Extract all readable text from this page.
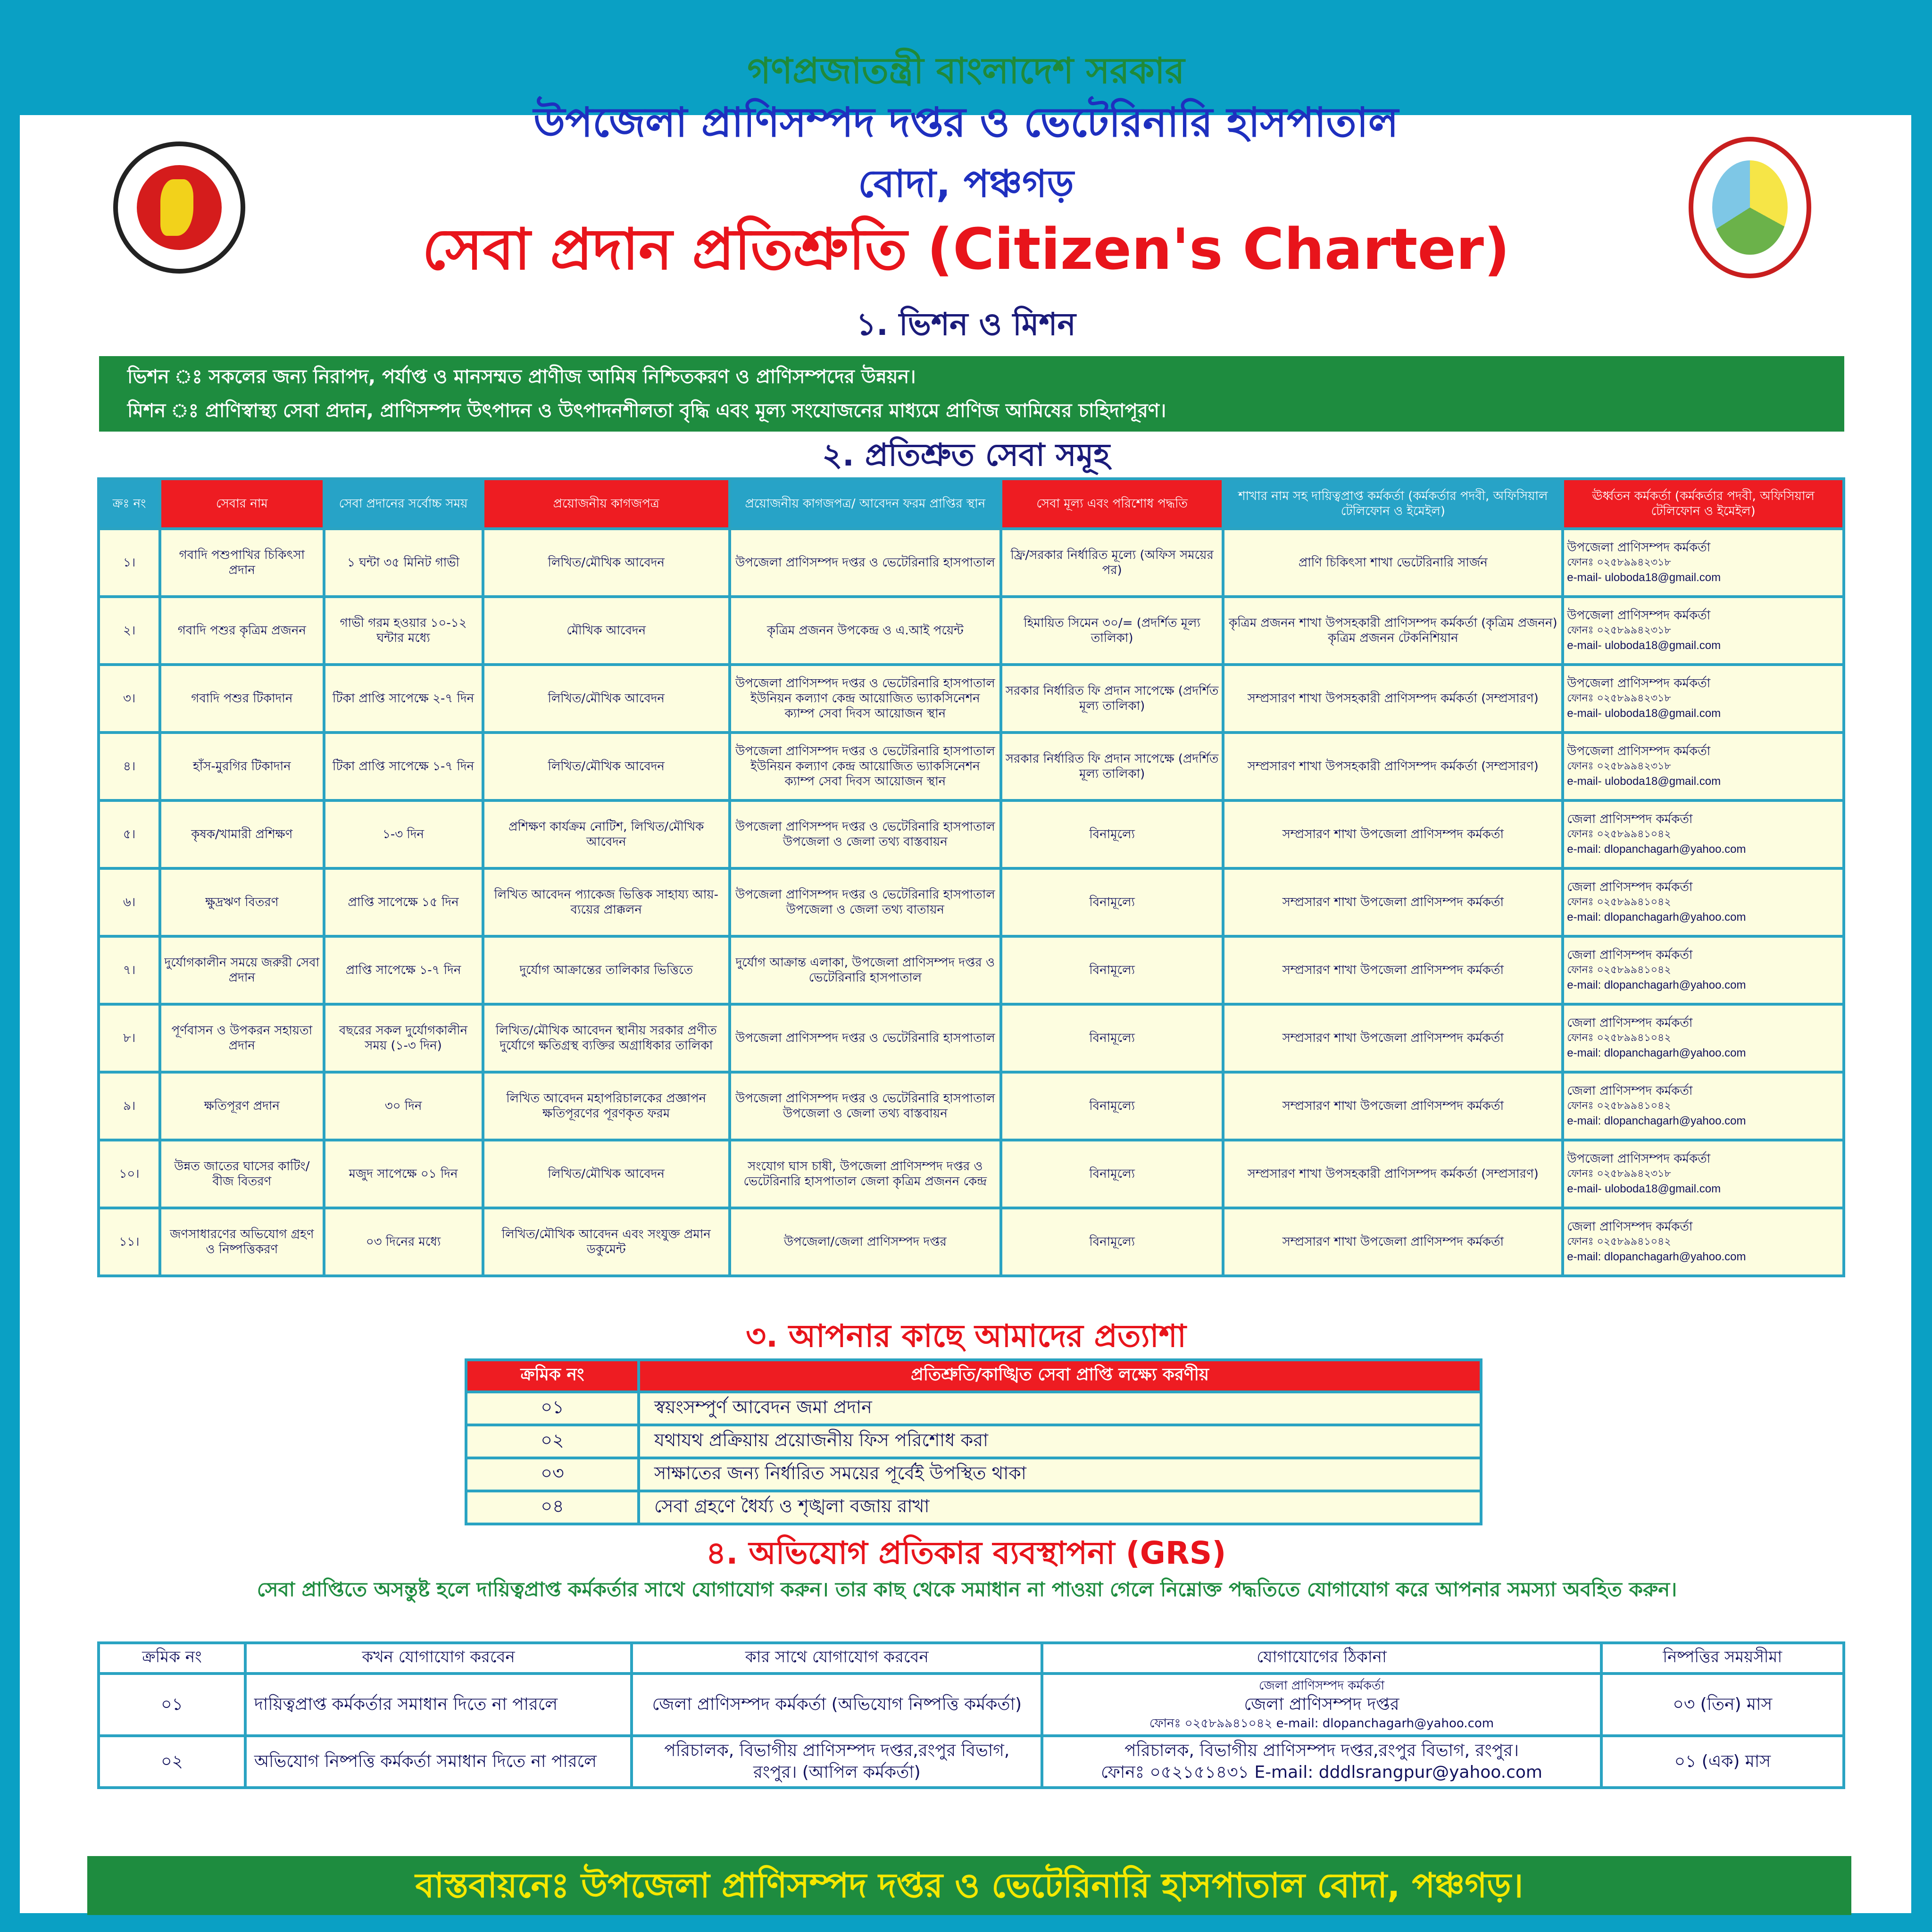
গণপ্রজাতন্ত্রী বাংলাদেশ সরকার
উপজেলা প্রাণিসম্পদ দপ্তর ও ভেটেরিনারি হাসপাতাল
বোদা, পঞ্চগড়
সেবা প্রদান প্রতিশ্রুতি (Citizen's Charter)
১. ভিশন ও মিশন
ভিশন ঃ সকলের জন্য নিরাপদ, পর্যাপ্ত ও মানসম্মত প্রাণীজ আমিষ নিশ্চিতকরণ ও প্রাণিসম্পদের উন্নয়ন।
মিশন ঃ প্রাণিস্বাস্থ্য সেবা প্রদান, প্রাণিসম্পদ উৎপাদন ও উৎপাদনশীলতা বৃদ্ধি এবং মূল্য সংযোজনের মাধ্যমে প্রাণিজ আমিষের চাহিদাপূরণ।
২. প্রতিশ্রুত সেবা সমূহ
ক্রঃ নং	সেবার নাম	সেবা প্রদানের সর্বোচ্চ সময়	প্রয়োজনীয় কাগজপত্র	প্রয়োজনীয় কাগজপত্র/ আবেদন ফরম প্রাপ্তির স্থান	সেবা মূল্য এবং পরিশোধ পদ্ধতি	শাখার নাম সহ দায়িত্বপ্রাপ্ত কর্মকর্তা (কর্মকর্তার পদবী, অফিসিয়াল টেলিফোন ও ইমেইল)	ঊর্ধ্বতন কর্মকর্তা (কর্মকর্তার পদবী, অফিসিয়াল টেলিফোন ও ইমেইল)
১।	গবাদি পশুপাখির চিকিৎসা প্রদান	১ ঘন্টা ৩৫ মিনিট গাভী	লিখিত/মৌখিক আবেদন	উপজেলা প্রাণিসম্পদ দপ্তর ও ভেটেরিনারি হাসপাতাল	ফ্রি/সরকার নির্ধারিত মূল্যে (অফিস সময়ের পর)	প্রাণি চিকিৎসা শাখা ভেটেরিনারি সার্জন	উপজেলা প্রাণিসম্পদ কর্মকর্তা
ফোনঃ ০২৫৮৯৯৪২৩১৮
e-mail- uloboda18@gmail.com

২।	গবাদি পশুর কৃত্রিম প্রজনন	গাভী গরম হওয়ার ১০-১২ ঘন্টার মধ্যে	মৌখিক আবেদন	কৃত্রিম প্রজনন উপকেন্দ্র ও এ.আই পয়েন্ট	হিমায়িত সিমেন ৩০/= (প্রদর্শিত মূল্য তালিকা)	কৃত্রিম প্রজনন শাখা উপসহকারী প্রাণিসম্পদ কর্মকর্তা (কৃত্রিম প্রজনন) কৃত্রিম প্রজনন টেকনিশিয়ান	উপজেলা প্রাণিসম্পদ কর্মকর্তা
ফোনঃ ০২৫৮৯৯৪২৩১৮
e-mail- uloboda18@gmail.com

৩।	গবাদি পশুর টিকাদান	টিকা প্রাপ্তি সাপেক্ষে ২-৭ দিন	লিখিত/মৌখিক আবেদন	উপজেলা প্রাণিসম্পদ দপ্তর ও ভেটেরিনারি হাসপাতাল ইউনিয়ন কল্যাণ কেন্দ্র আয়োজিত ভ্যাকসিনেশন ক্যাম্প সেবা দিবস আয়োজন স্থান	সরকার নির্ধারিত ফি প্রদান সাপেক্ষে (প্রদর্শিত মূল্য তালিকা)	সম্প্রসারণ শাখা উপসহকারী প্রাণিসম্পদ কর্মকর্তা (সম্প্রসারণ)	উপজেলা প্রাণিসম্পদ কর্মকর্তা
ফোনঃ ০২৫৮৯৯৪২৩১৮
e-mail- uloboda18@gmail.com

৪।	হাঁস-মুরগির টিকাদান	টিকা প্রাপ্তি সাপেক্ষে ১-৭ দিন	লিখিত/মৌখিক আবেদন	উপজেলা প্রাণিসম্পদ দপ্তর ও ভেটেরিনারি হাসপাতাল ইউনিয়ন কল্যাণ কেন্দ্র আয়োজিত ভ্যাকসিনেশন ক্যাম্প সেবা দিবস আয়োজন স্থান	সরকার নির্ধারিত ফি প্রদান সাপেক্ষে (প্রদর্শিত মূল্য তালিকা)	সম্প্রসারণ শাখা উপসহকারী প্রাণিসম্পদ কর্মকর্তা (সম্প্রসারণ)	উপজেলা প্রাণিসম্পদ কর্মকর্তা
ফোনঃ ০২৫৮৯৯৪২৩১৮
e-mail- uloboda18@gmail.com

৫।	কৃষক/খামারী প্রশিক্ষণ	১-৩ দিন	প্রশিক্ষণ কার্যক্রম নোটিশ, লিখিত/মৌখিক আবেদন	উপজেলা প্রাণিসম্পদ দপ্তর ও ভেটেরিনারি হাসপাতাল উপজেলা ও জেলা তথ্য বাস্তবায়ন	বিনামূল্যে	সম্প্রসারণ শাখা উপজেলা প্রাণিসম্পদ কর্মকর্তা	জেলা প্রাণিসম্পদ কর্মকর্তা
ফোনঃ ০২৫৮৯৯৪১০৪২
e-mail: dlopanchagarh@yahoo.com

৬।	ক্ষুদ্রঋণ বিতরণ	প্রাপ্তি সাপেক্ষে ১৫ দিন	লিখিত আবেদন প্যাকেজ ভিত্তিক সাহায্য আয়-ব্যয়ের প্রাক্কলন	উপজেলা প্রাণিসম্পদ দপ্তর ও ভেটেরিনারি হাসপাতাল উপজেলা ও জেলা তথ্য বাতায়ন	বিনামূল্যে	সম্প্রসারণ শাখা উপজেলা প্রাণিসম্পদ কর্মকর্তা	জেলা প্রাণিসম্পদ কর্মকর্তা
ফোনঃ ০২৫৮৯৯৪১০৪২
e-mail: dlopanchagarh@yahoo.com

৭।	দুর্যোগকালীন সময়ে জরুরী সেবা প্রদান	প্রাপ্তি সাপেক্ষে ১-৭ দিন	দুর্যোগ আক্রান্তের তালিকার ভিত্তিতে	দুর্যোগ আক্রান্ত এলাকা, উপজেলা প্রাণিসম্পদ দপ্তর ও ভেটেরিনারি হাসপাতাল	বিনামূল্যে	সম্প্রসারণ শাখা উপজেলা প্রাণিসম্পদ কর্মকর্তা	জেলা প্রাণিসম্পদ কর্মকর্তা
ফোনঃ ০২৫৮৯৯৪১০৪২
e-mail: dlopanchagarh@yahoo.com

৮।	পূর্ণবাসন ও উপকরন সহায়তা প্রদান	বছরের সকল দুর্যোগকালীন সময় (১-৩ দিন)	লিখিত/মৌখিক আবেদন স্থানীয় সরকার প্রণীত দুর্যোগে ক্ষতিগ্রস্থ ব্যক্তির অগ্রাধিকার তালিকা	উপজেলা প্রাণিসম্পদ দপ্তর ও ভেটেরিনারি হাসপাতাল	বিনামূল্যে	সম্প্রসারণ শাখা উপজেলা প্রাণিসম্পদ কর্মকর্তা	জেলা প্রাণিসম্পদ কর্মকর্তা
ফোনঃ ০২৫৮৯৯৪১০৪২
e-mail: dlopanchagarh@yahoo.com

৯।	ক্ষতিপূরণ প্রদান	৩০ দিন	লিখিত আবেদন মহাপরিচালকের প্রজ্ঞাপন ক্ষতিপূরণের পূরণকৃত ফরম	উপজেলা প্রাণিসম্পদ দপ্তর ও ভেটেরিনারি হাসপাতাল উপজেলা ও জেলা তথ্য বাস্তবায়ন	বিনামূল্যে	সম্প্রসারণ শাখা উপজেলা প্রাণিসম্পদ কর্মকর্তা	জেলা প্রাণিসম্পদ কর্মকর্তা
ফোনঃ ০২৫৮৯৯৪১০৪২
e-mail: dlopanchagarh@yahoo.com

১০।	উন্নত জাতের ঘাসের কাটিং/বীজ বিতরণ	মজুদ সাপেক্ষে ০১ দিন	লিখিত/মৌখিক আবেদন	সংযোগ ঘাস চাষী, উপজেলা প্রাণিসম্পদ দপ্তর ও ভেটেরিনারি হাসপাতাল জেলা কৃত্রিম প্রজনন কেন্দ্র	বিনামূল্যে	সম্প্রসারণ শাখা উপসহকারী প্রাণিসম্পদ কর্মকর্তা (সম্প্রসারণ)	উপজেলা প্রাণিসম্পদ কর্মকর্তা
ফোনঃ ০২৫৮৯৯৪২৩১৮
e-mail- uloboda18@gmail.com

১১।	জণসাধারণের অভিযোগ গ্রহণ ও নিষ্পত্তিকরণ	০৩ দিনের মধ্যে	লিখিত/মৌখিক আবেদন এবং সংযুক্ত প্রমান ডকুমেন্ট	উপজেলা/জেলা প্রাণিসম্পদ দপ্তর	বিনামূল্যে	সম্প্রসারণ শাখা উপজেলা প্রাণিসম্পদ কর্মকর্তা	জেলা প্রাণিসম্পদ কর্মকর্তা
ফোনঃ ০২৫৮৯৯৪১০৪২
e-mail: dlopanchagarh@yahoo.com
৩. আপনার কাছে আমাদের প্রত্যাশা
ক্রমিক নং	প্রতিশ্রুতি/কাঙ্খিত সেবা প্রাপ্তি লক্ষ্যে করণীয়
০১	স্বয়ংসম্পুর্ণ আবেদন জমা প্রদান
০২	যথাযথ প্রক্রিয়ায় প্রয়োজনীয় ফিস পরিশোধ করা
০৩	সাক্ষাতের জন্য নির্ধারিত সময়ের পূর্বেই উপস্থিত থাকা
০৪	সেবা গ্রহণে ধৈর্য্য ও শৃঙ্খলা বজায় রাখা
৪. অভিযোগ প্রতিকার ব্যবস্থাপনা (GRS)
সেবা প্রাপ্তিতে অসন্তুষ্ট হলে দায়িত্বপ্রাপ্ত কর্মকর্তার সাথে যোগাযোগ করুন। তার কাছ থেকে সমাধান না পাওয়া গেলে নিম্নোক্ত পদ্ধতিতে যোগাযোগ করে আপনার সমস্যা অবহিত করুন।
ক্রমিক নং	কখন যোগাযোগ করবেন	কার সাথে যোগাযোগ করবেন	যোগাযোগের ঠিকানা	নিষ্পত্তির সময়সীমা
০১	দায়িত্বপ্রাপ্ত কর্মকর্তার সমাধান দিতে না পারলে	জেলা প্রাণিসম্পদ কর্মকর্তা (অভিযোগ নিষ্পত্তি কর্মকর্তা)	জেলা প্রাণিসম্পদ কর্মকর্তা
জেলা প্রাণিসম্পদ দপ্তর
ফোনঃ ০২৫৮৯৯৪১০৪২ e-mail: dlopanchagarh@yahoo.com	০৩ (তিন) মাস
০২	অভিযোগ নিষ্পত্তি কর্মকর্তা সমাধান দিতে না পারলে	পরিচালক, বিভাগীয় প্রাণিসম্পদ দপ্তর,রংপুর বিভাগ, রংপুর। (আপিল কর্মকর্তা)	পরিচালক, বিভাগীয় প্রাণিসম্পদ দপ্তর,রংপুর বিভাগ, রংপুর।
ফোনঃ ০৫২১৫১৪৩১ E-mail: dddlsrangpur@yahoo.com	০১ (এক) মাস
বাস্তবায়নেঃ উপজেলা প্রাণিসম্পদ দপ্তর ও ভেটেরিনারি হাসপাতাল বোদা, পঞ্চগড়।
